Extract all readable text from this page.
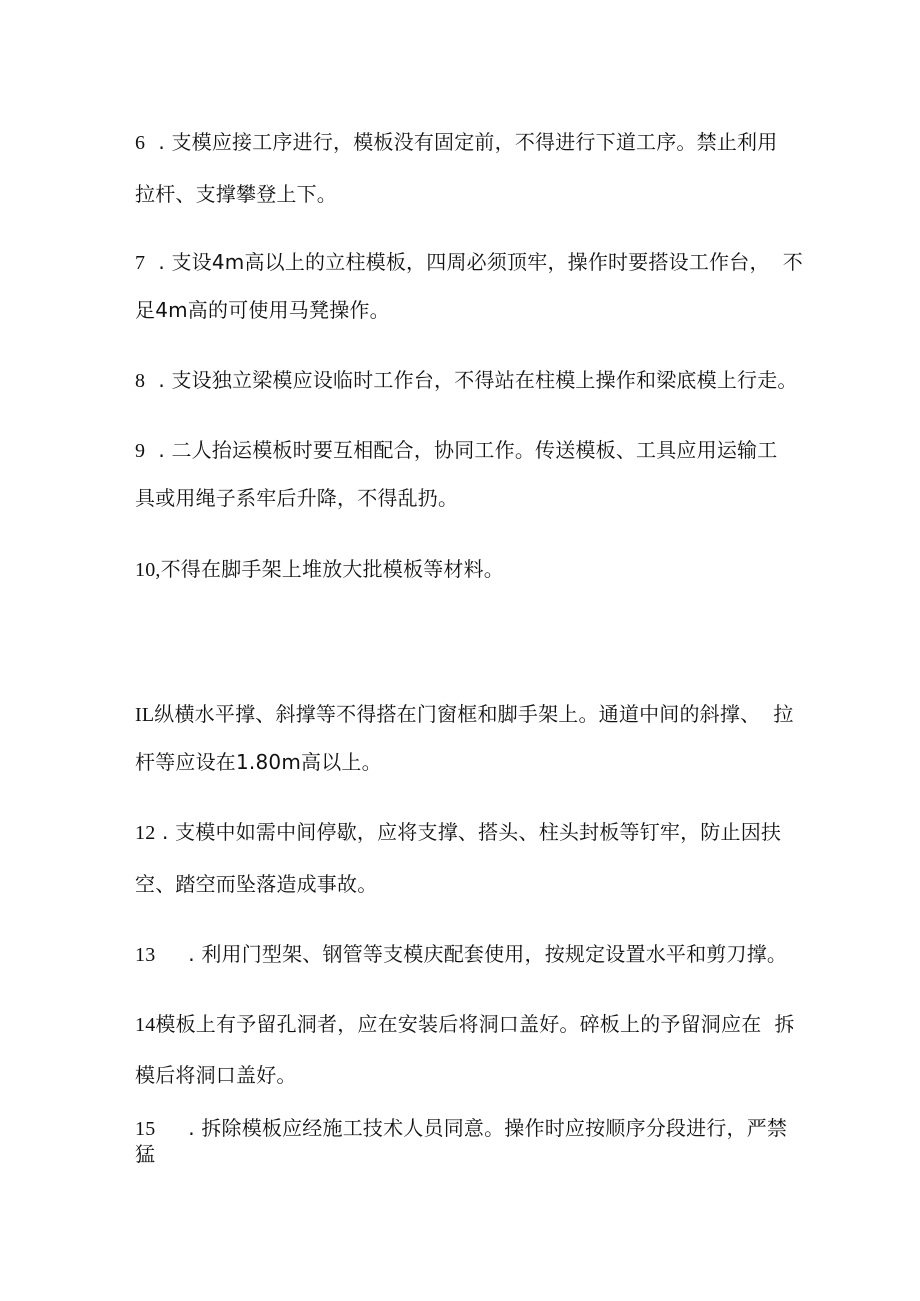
6  . 支模应接工序进行，模板没有固定前，不得进行下道工序。禁止利用
拉杆、支撑攀登上下。
7  . 支设4m高以上的立柱模板，四周必须顶牢，操作时要搭设工作台，  不
足4m高的可使用马凳操作。
8  . 支设独立梁模应设临时工作台，不得站在柱模上操作和梁底模上行走。
9  . 二人抬运模板时要互相配合，协同工作。传送模板、工具应用运输工
具或用绳子系牢后升降，不得乱扔。
10,不得在脚手架上堆放大批模板等材料。
IL纵横水平撑、斜撑等不得搭在门窗框和脚手架上。通道中间的斜撑、  拉
杆等应设在1.80m高以上。
12 . 支模中如需中间停歇，应将支撑、搭头、柱头封板等钉牢，防止因扶
空、踏空而坠落造成事故。
13     . 利用门型架、钢管等支模庆配套使用，按规定设置水平和剪刀撑。
14模板上有予留孔洞者，应在安装后将洞口盖好。碎板上的予留洞应在  拆
模后将洞口盖好。
15     . 拆除模板应经施工技术人员同意。操作时应按顺序分段进行，严禁
猛
